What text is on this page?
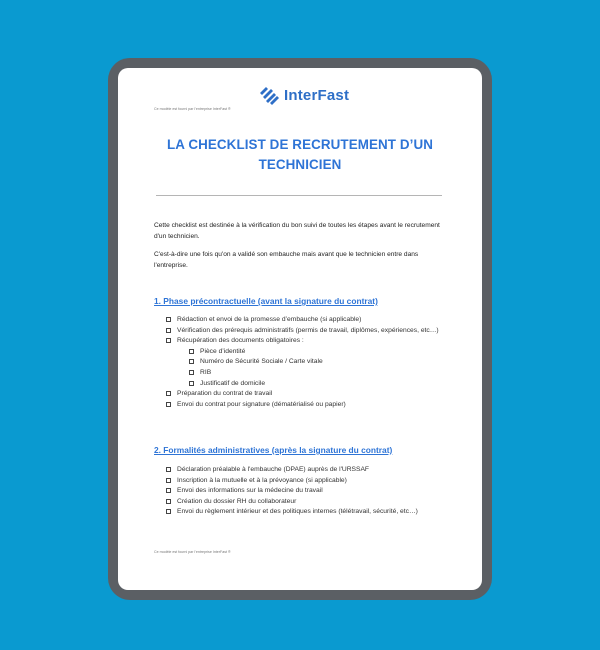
Ce modèle est fourni par l'entreprise InterFast ®
InterFast
LA CHECKLIST DE RECRUTEMENT D’UN TECHNICIEN
Cette checklist est destinée à la vérification du bon suivi de toutes les étapes avant le recrutement d'un technicien.
C'est-à-dire une fois qu'on a validé son embauche mais avant que le technicien entre dans l'entreprise.
1. Phase précontractuelle (avant la signature du contrat)
Rédaction et envoi de la promesse d’embauche (si applicable)
Vérification des prérequis administratifs (permis de travail, diplômes, expériences, etc…)
Récupération des documents obligatoires :
Pièce d’identité
Numéro de Sécurité Sociale / Carte vitale
RIB
Justificatif de domicile
Préparation du contrat de travail
Envoi du contrat pour signature (dématérialisé ou papier)
2. Formalités administratives (après la signature du contrat)
Déclaration préalable à l'embauche (DPAE) auprès de l'URSSAF
Inscription à la mutuelle et à la prévoyance (si applicable)
Envoi des informations sur la médecine du travail
Création du dossier RH du collaborateur
Envoi du règlement intérieur et des politiques internes (télétravail, sécurité, etc…)
Ce modèle est fourni par l'entreprise InterFast ®
